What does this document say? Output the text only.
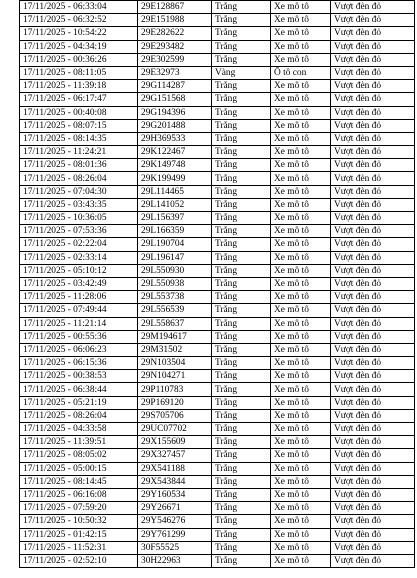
17/11/2025 - 06:33:04	29E128867	Trắng	Xe mô tô	Vượt đèn đỏ
17/11/2025 - 06:32:52	29E151988	Trắng	Xe mô tô	Vượt đèn đỏ
17/11/2025 - 10:54:22	29E282622	Trắng	Xe mô tô	Vượt đèn đỏ
17/11/2025 - 04:34:19	29E293482	Trắng	Xe mô tô	Vượt đèn đỏ
17/11/2025 - 00:36:26	29E302599	Trắng	Xe mô tô	Vượt đèn đỏ
17/11/2025 - 08:11:05	29E32973	Vàng	Ô tô con	Vượt đèn đỏ
17/11/2025 - 11:39:18	29G114287	Trắng	Xe mô tô	Vượt đèn đỏ
17/11/2025 - 06:17:47	29G151568	Trắng	Xe mô tô	Vượt đèn đỏ
17/11/2025 - 00:40:08	29G194396	Trắng	Xe mô tô	Vượt đèn đỏ
17/11/2025 - 08:07:15	29G201488	Trắng	Xe mô tô	Vượt đèn đỏ
17/11/2025 - 08:14:35	29H369533	Trắng	Xe mô tô	Vượt đèn đỏ
17/11/2025 - 11:24:21	29K122467	Trắng	Xe mô tô	Vượt đèn đỏ
17/11/2025 - 08:01:36	29K149748	Trắng	Xe mô tô	Vượt đèn đỏ
17/11/2025 - 08:26:04	29K199499	Trắng	Xe mô tô	Vượt đèn đỏ
17/11/2025 - 07:04:30	29L114465	Trắng	Xe mô tô	Vượt đèn đỏ
17/11/2025 - 03:43:35	29L141052	Trắng	Xe mô tô	Vượt đèn đỏ
17/11/2025 - 10:36:05	29L156397	Trắng	Xe mô tô	Vượt đèn đỏ
17/11/2025 - 07:53:36	29L166359	Trắng	Xe mô tô	Vượt đèn đỏ
17/11/2025 - 02:22:04	29L190704	Trắng	Xe mô tô	Vượt đèn đỏ
17/11/2025 - 02:33:14	29L196147	Trắng	Xe mô tô	Vượt đèn đỏ
17/11/2025 - 05:10:12	29L550930	Trắng	Xe mô tô	Vượt đèn đỏ
17/11/2025 - 03:42:49	29L550938	Trắng	Xe mô tô	Vượt đèn đỏ
17/11/2025 - 11:28:06	29L553738	Trắng	Xe mô tô	Vượt đèn đỏ
17/11/2025 - 07:49:44	29L556539	Trắng	Xe mô tô	Vượt đèn đỏ
17/11/2025 - 11:21:14	29L558637	Trắng	Xe mô tô	Vượt đèn đỏ
17/11/2025 - 00:55:36	29M194617	Trắng	Xe mô tô	Vượt đèn đỏ
17/11/2025 - 06:06:23	29M31502	Trắng	Xe mô tô	Vượt đèn đỏ
17/11/2025 - 06:15:36	29N103504	Trắng	Xe mô tô	Vượt đèn đỏ
17/11/2025 - 00:38:53	29N104271	Trắng	Xe mô tô	Vượt đèn đỏ
17/11/2025 - 06:38:44	29P110783	Trắng	Xe mô tô	Vượt đèn đỏ
17/11/2025 - 05:21:19	29P169120	Trắng	Xe mô tô	Vượt đèn đỏ
17/11/2025 - 08:26:04	29S705706	Trắng	Xe mô tô	Vượt đèn đỏ
17/11/2025 - 04:33:58	29UC07702	Trắng	Xe mô tô	Vượt đèn đỏ
17/11/2025 - 11:39:51	29X155609	Trắng	Xe mô tô	Vượt đèn đỏ
17/11/2025 - 08:05:02	29X327457	Trắng	Xe mô tô	Vượt đèn đỏ
17/11/2025 - 05:00:15	29X541188	Trắng	Xe mô tô	Vượt đèn đỏ
17/11/2025 - 08:14:45	29X543844	Trắng	Xe mô tô	Vượt đèn đỏ
17/11/2025 - 06:16:08	29Y160534	Trắng	Xe mô tô	Vượt đèn đỏ
17/11/2025 - 07:59:20	29Y26671	Trắng	Xe mô tô	Vượt đèn đỏ
17/11/2025 - 10:50:32	29Y546276	Trắng	Xe mô tô	Vượt đèn đỏ
17/11/2025 - 01:42:15	29Y761299	Trắng	Xe mô tô	Vượt đèn đỏ
17/11/2025 - 11:52:31	30F55525	Trắng	Xe mô tô	Vượt đèn đỏ
17/11/2025 - 02:52:10	30H22963	Trắng	Xe mô tô	Vượt đèn đỏ
